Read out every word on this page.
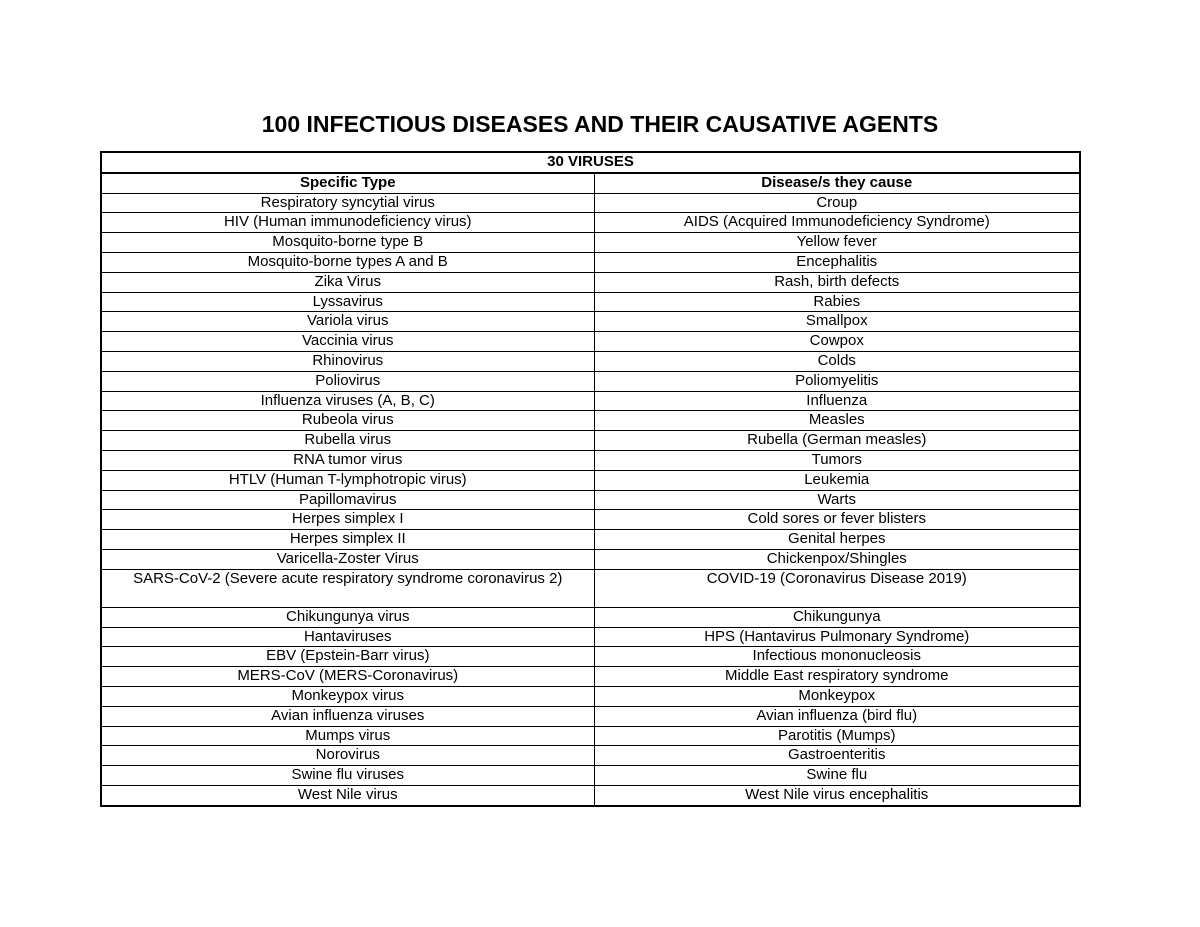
100 INFECTIOUS DISEASES AND THEIR CAUSATIVE AGENTS
30 VIRUSES	
Specific Type	Disease/s they cause
Respiratory syncytial virus	Croup
HIV (Human immunodeficiency virus)	AIDS (Acquired Immunodeficiency Syndrome)
Mosquito-borne type B	Yellow fever
Mosquito-borne types A and B	Encephalitis
Zika Virus	Rash, birth defects
Lyssavirus	Rabies
Variola virus	Smallpox
Vaccinia virus	Cowpox
Rhinovirus	Colds
Poliovirus	Poliomyelitis
Influenza viruses (A, B, C)	Influenza
Rubeola virus	Measles
Rubella virus	Rubella (German measles)
RNA tumor virus	Tumors
HTLV (Human T-lymphotropic virus)	Leukemia
Papillomavirus	Warts
Herpes simplex I	Cold sores or fever blisters
Herpes simplex II	Genital herpes
Varicella-Zoster Virus	Chickenpox/Shingles
SARS-CoV-2 (Severe acute respiratory syndrome coronavirus 2)	COVID-19 (Coronavirus Disease 2019)
Chikungunya virus	Chikungunya
Hantaviruses	HPS (Hantavirus Pulmonary Syndrome)
EBV (Epstein-Barr virus)	Infectious mononucleosis
MERS-CoV (MERS-Coronavirus)	Middle East respiratory syndrome
Monkeypox virus	Monkeypox
Avian influenza viruses	Avian influenza (bird flu)
Mumps virus	Parotitis (Mumps)
Norovirus	Gastroenteritis
Swine flu viruses	Swine flu
West Nile virus	West Nile virus encephalitis
